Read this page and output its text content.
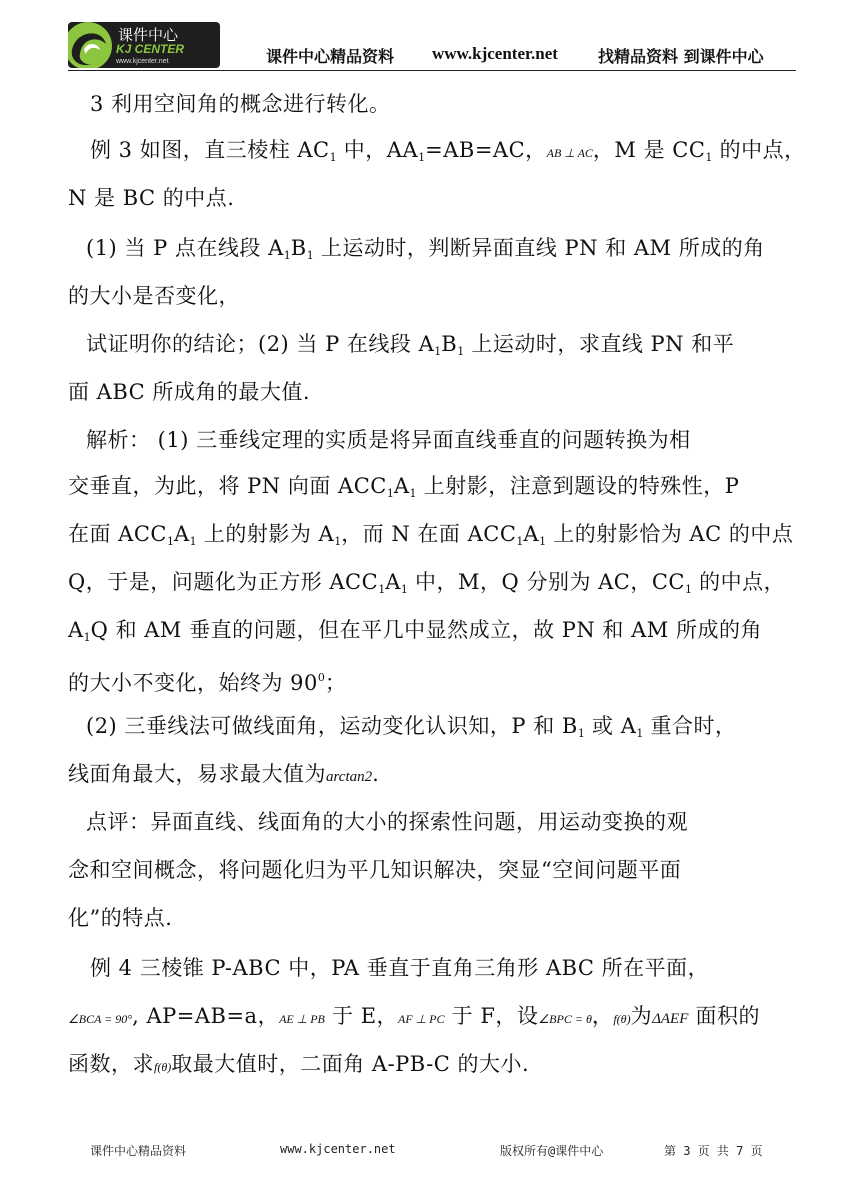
课件中心
KJ CENTER
www.kjcenter.net	课件中心精品资料 www.kjcenter.net	找精品资料 到课件中心
3 利用空间角的概念进行转化。
例 3 如图，直三棱柱 $AC_1$ 中，$AA_1=AB=AC$，AB ⊥ AC，M 是 $CC_1$ 的中点，
N 是 BC 的中点.
(1) 当 P 点在线段 $A_1B_1$ 上运动时，判断异面直线 PN 和 AM 所成的角
的大小是否变化，
试证明你的结论；(2) 当 P 在线段 $A_1B_1$ 上运动时，求直线 PN 和平
面 ABC 所成角的最大值.
解析： (1) 三垂线定理的实质是将异面直线垂直的问题转换为相
交垂直，为此，将 PN 向面 $ACC_1A_1$ 上射影，注意到题设的特殊性，P
在面 $ACC_1A_1$ 上的射影为 $A_1$，而 N 在面 $ACC_1A_1$ 上的射影恰为 AC 的中点
Q，于是，问题化为正方形 $ACC_1A_1$ 中，M，Q 分别为 AC，$CC_1$ 的中点，
$A_1Q$ 和 AM 垂直的问题，但在平几中显然成立，故 PN 和 AM 所成的角
的大小不变化，始终为 $90^0$；
(2) 三垂线法可做线面角，运动变化认识知，P 和 $B_1$ 或 $A_1$ 重合时，
线面角最大，易求最大值为arctan2.
点评：异面直线、线面角的大小的探索性问题，用运动变换的观
念和空间概念，将问题化归为平几知识解决，突显“空间问题平面
化”的特点.
例 4 三棱锥 P-ABC 中，PA 垂直于直角三角形 ABC 所在平面，
∠BCA = 90°, AP=AB=a，AE ⊥ PB 于 E，AF ⊥ PC 于 F，设∠BPC = θ，f(θ)为ΔAEF 面积的
函数，求f(θ)取最大值时，二面角 A-PB-C 的大小.
课件中心精品资料	www.kjcenter.net	版权所有@课件中心	第 3 页 共 7 页
